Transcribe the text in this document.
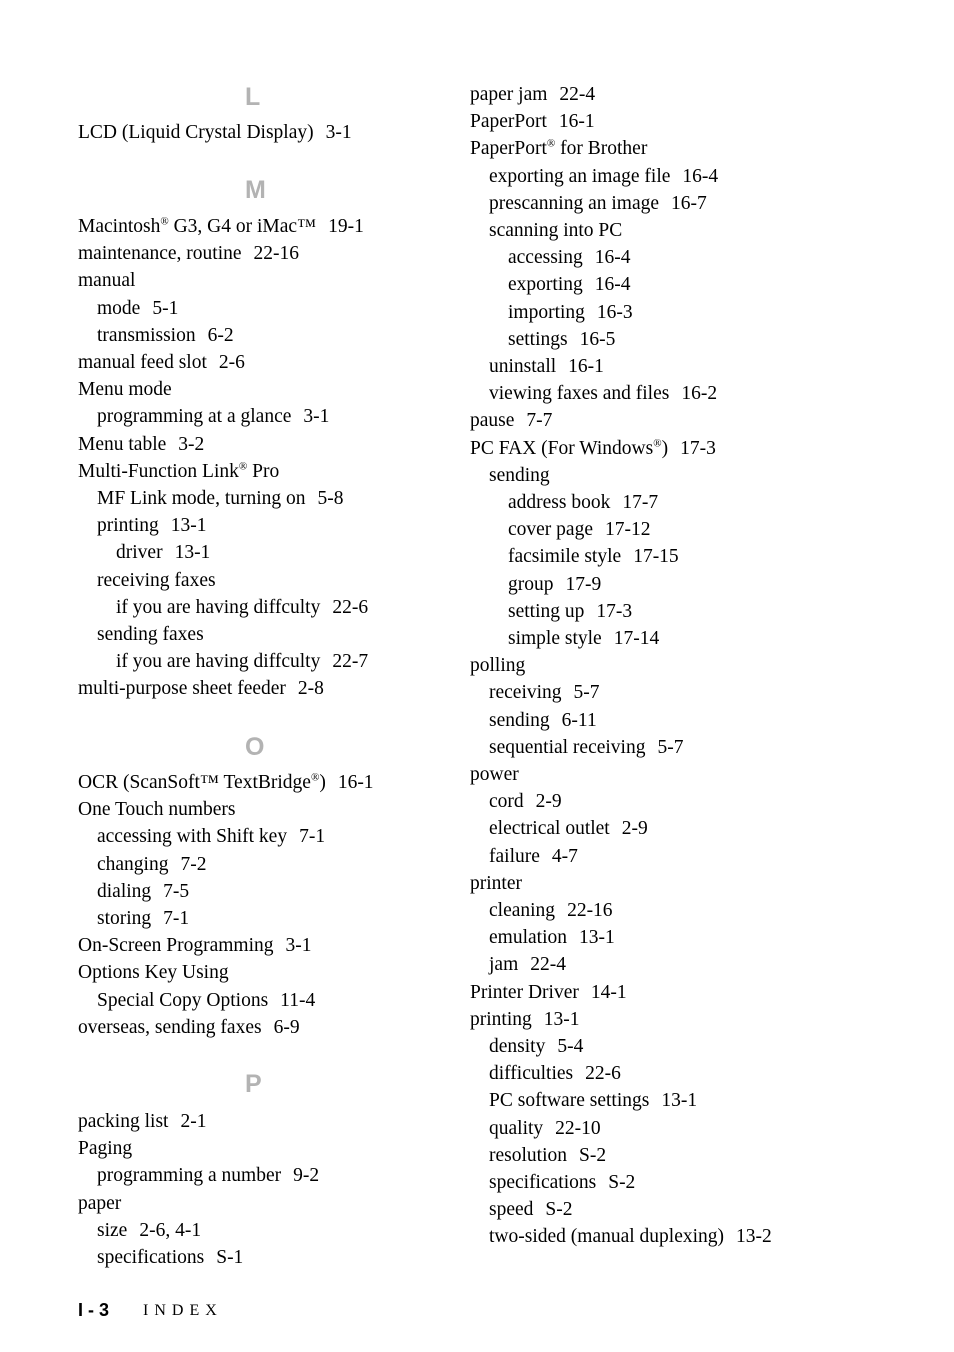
L
LCD (Liquid Crystal Display) 3-1
M
Macintosh® G3, G4 or iMac™ 19-1
maintenance, routine 22-16
manual
mode 5-1
transmission 6-2
manual feed slot 2-6
Menu mode
programming at a glance 3-1
Menu table 3-2
Multi-Function Link® Pro
MF Link mode, turning on 5-8
printing 13-1
driver 13-1
receiving faxes
if you are having diffculty 22-6
sending faxes
if you are having diffculty 22-7
multi-purpose sheet feeder 2-8
O
OCR (ScanSoft™ TextBridge®) 16-1
One Touch numbers
accessing with Shift key 7-1
changing 7-2
dialing 7-5
storing 7-1
On-Screen Programming 3-1
Options Key Using
Special Copy Options 11-4
overseas, sending faxes 6-9
P
packing list 2-1
Paging
programming a number 9-2
paper
size 2-6, 4-1
specifications S-1
paper jam 22-4
PaperPort 16-1
PaperPort® for Brother
exporting an image file 16-4
prescanning an image 16-7
scanning into PC
accessing 16-4
exporting 16-4
importing 16-3
settings 16-5
uninstall 16-1
viewing faxes and files 16-2
pause 7-7
PC FAX (For Windows®) 17-3
sending
address book 17-7
cover page 17-12
facsimile style 17-15
group 17-9
setting up 17-3
simple style 17-14
polling
receiving 5-7
sending 6-11
sequential receiving 5-7
power
cord 2-9
electrical outlet 2-9
failure 4-7
printer
cleaning 22-16
emulation 13-1
jam 22-4
Printer Driver 14-1
printing 13-1
density 5-4
difficulties 22-6
PC software settings 13-1
quality 22-10
resolution S-2
specifications S-2
speed S-2
two-sided (manual duplexing) 13-2
I - 3 INDEX
